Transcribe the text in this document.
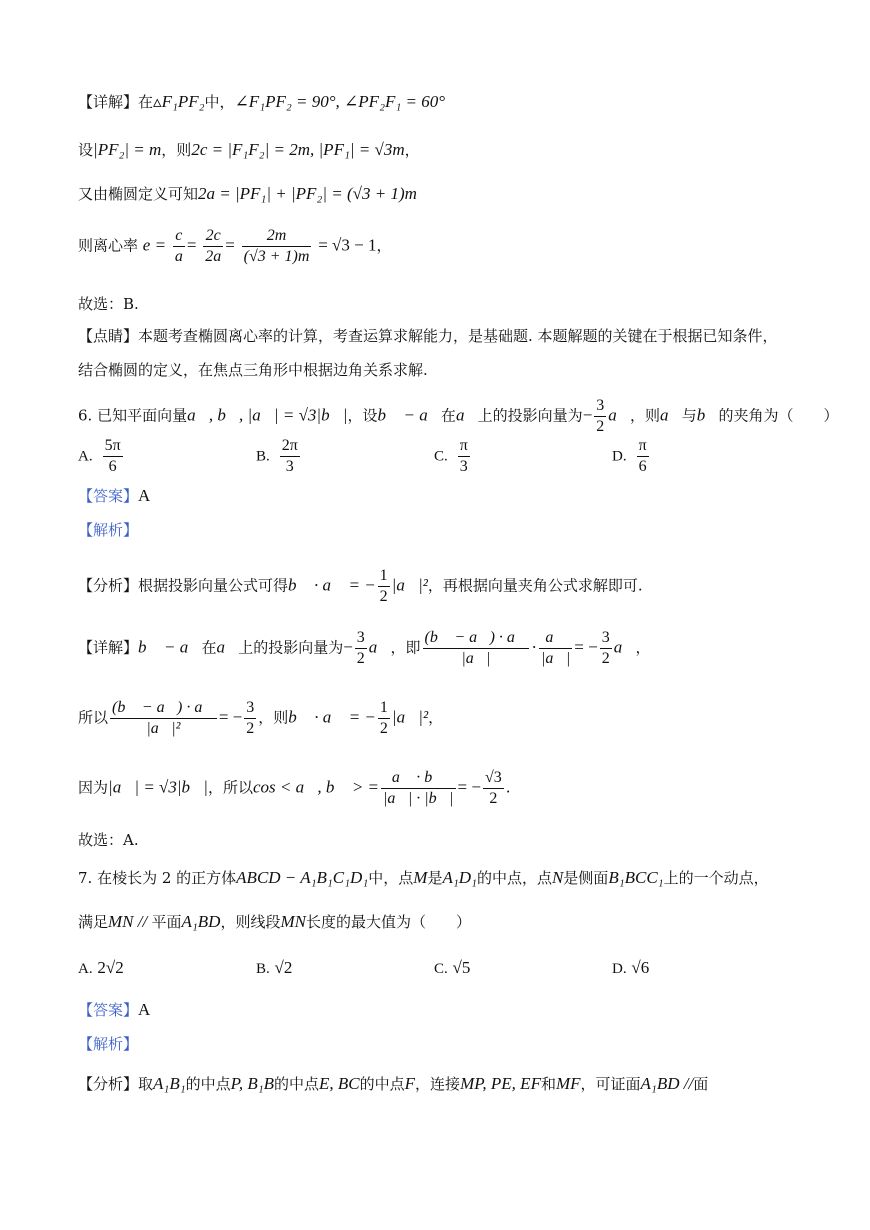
【详解】在▵F₁PF₂中，∠F₁PF₂ = 90°, ∠PF₂F₁ = 60°
设|PF₂| = m，则2c = |F₁F₂| = 2m, |PF₁| = √3m，
又由椭圆定义可知2a = |PF₁| + |PF₂| = (√3 + 1)m
则离心率 $e = \frac{c}{a} = \frac{2c}{2a} = \frac{2m}{(√3 + 1)m} = √3 - 1$，
故选：B.
【点睛】本题考查椭圆离心率的计算，考查运算求解能力，是基础题. 本题解题的关键在于根据已知条件，
结合椭圆的定义，在焦点三角形中根据边角关系求解.
6. 已知平面向量a⃗, b⃗, |a⃗| = √3|b⃗|，设b⃗ − a⃗在a⃗上的投影向量为− $\frac{3}{2}$ a⃗，则a⃗与b⃗的夹角为（　　）
A. $\frac{5\pi}{6}$	B. $\frac{2\pi}{3}$	C. $\frac{\pi}{3}$	D. $\frac{\pi}{6}$
【答案】A
【解析】
【分析】根据投影向量公式可得b⃗ · a⃗ = − $\frac{1}{2}$ |a⃗|²，再根据向量夹角公式求解即可.
【详解】b⃗ − a⃗在a⃗上的投影向量为− $\frac{3}{2}$ a⃗，即 $\frac{(b⃗ - a⃗) \cdot a⃗}{|a⃗|} \cdot \frac{a⃗}{|a⃗|}$ = − $\frac{3}{2}$ a⃗，
所以 $\frac{(b⃗ - a⃗) \cdot a⃗}{\text{|a⃗|²}}$ = − $\frac{3}{2}$ ，则b⃗ · a⃗ = − $\frac{1}{2}$ |a⃗|²，
因为|a⃗| = √3|b⃗|，所以cos < a⃗, b⃗ > = $\frac{a⃗ \cdot b⃗}{|a⃗| \cdot |b⃗|}$ = − $\frac{√3}{2}$ .
故选：A.
7. 在棱长为 2 的正方体ABCD − A₁B₁C₁D₁中，点M是A₁D₁的中点，点N是侧面B₁BCC₁上的一个动点，
满足MN // 平面A₁BD，则线段MN长度的最大值为（　　）
A. 2√2	B. √2	C. √5	D. √6
【答案】A
【解析】
【分析】取A₁B₁的中点P, B₁B的中点E, BC的中点F，连接MP, PE, EF和MF，可证面A₁BD //面
